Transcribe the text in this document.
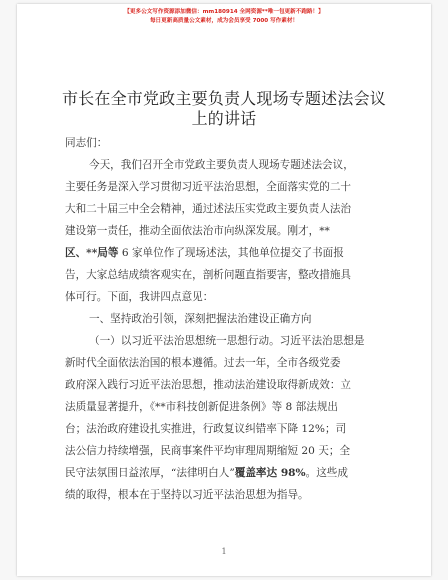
【更多公文写作资源添加微信：mm180914 全网资源**唯一包更新不跑路！】
每日更新高质量公文素材，成为会员享受 7000 写作素材！
市长在全市党政主要负责人现场专题述法会议
上的讲话
同志们：
今天，我们召开全市党政主要负责人现场专题述法会议，
主要任务是深入学习贯彻习近平法治思想，全面落实党的二十
大和二十届三中全会精神，通过述法压实党政主要负责人法治
建设第一责任，推动全面依法治市向纵深发展。刚才，**
区、**局等 6 家单位作了现场述法，其他单位提交了书面报
告，大家总结成绩客观实在，剖析问题直指要害，整改措施具
体可行。下面，我讲四点意见：
一、坚持政治引领，深刻把握法治建设正确方向
（一）以习近平法治思想统一思想行动。习近平法治思想是
新时代全面依法治国的根本遵循。过去一年，全市各级党委
政府深入践行习近平法治思想，推动法治建设取得新成效：立
法质量显著提升，《**市科技创新促进条例》等 8 部法规出
台；法治政府建设扎实推进，行政复议纠错率下降 12%；司
法公信力持续增强，民商事案件平均审理周期缩短 20 天；全
民守法氛围日益浓厚，“法律明白人”覆盖率达 98%。这些成
绩的取得，根本在于坚持以习近平法治思想为指导。
1
